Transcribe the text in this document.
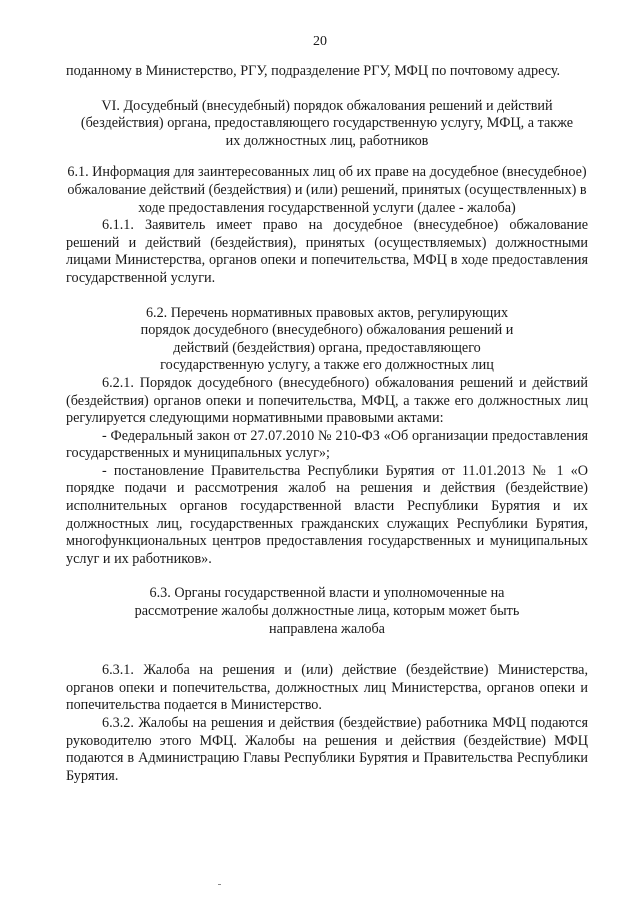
20

поданному в Министерство, РГУ, подразделение РГУ, МФЦ по почтовому адресу.

VI. Досудебный (внесудебный) порядок обжалования решений и действий (бездействия) органа, предоставляющего государственную услугу, МФЦ, а также их должностных лиц, работников

6.1. Информация для заинтересованных лиц об их праве на досудебное (внесудебное) обжалование действий (бездействия) и (или) решений, принятых (осуществленных) в ходе предоставления государственной услуги (далее - жалоба)

6.1.1. Заявитель имеет право на досудебное (внесудебное) обжалование решений и действий (бездействия), принятых (осуществляемых) должностными лицами Министерства, органов опеки и попечительства, МФЦ в ходе предоставления государственной услуги.

6.2. Перечень нормативных правовых актов, регулирующих порядок досудебного (внесудебного) обжалования решений и действий (бездействия) органа, предоставляющего государственную услугу, а также его должностных лиц

6.2.1. Порядок досудебного (внесудебного) обжалования решений и действий (бездействия) органов опеки и попечительства, МФЦ, а также его должностных лиц регулируется следующими нормативными правовыми актами:

- Федеральный закон от 27.07.2010 № 210-ФЗ «Об организации предоставления государственных и муниципальных услуг»;

- постановление Правительства Республики Бурятия от 11.01.2013 № 1 «О порядке подачи и рассмотрения жалоб на решения и действия (бездействие) исполнительных органов государственной власти Республики Бурятия и их должностных лиц, государственных гражданских служащих Республики Бурятия, многофункциональных центров предоставления государственных и муниципальных услуг и их работников».

6.3. Органы государственной власти и уполномоченные на рассмотрение жалобы должностные лица, которым может быть направлена жалоба

6.3.1. Жалоба на решения и (или) действие (бездействие) Министерства, органов опеки и попечительства, должностных лиц Министерства, органов опеки и попечительства подается в Министерство.

6.3.2. Жалобы на решения и действия (бездействие) работника МФЦ подаются руководителю этого МФЦ. Жалобы на решения и действия (бездействие) МФЦ подаются в Администрацию Главы Республики Бурятия и Правительства Республики Бурятия.
